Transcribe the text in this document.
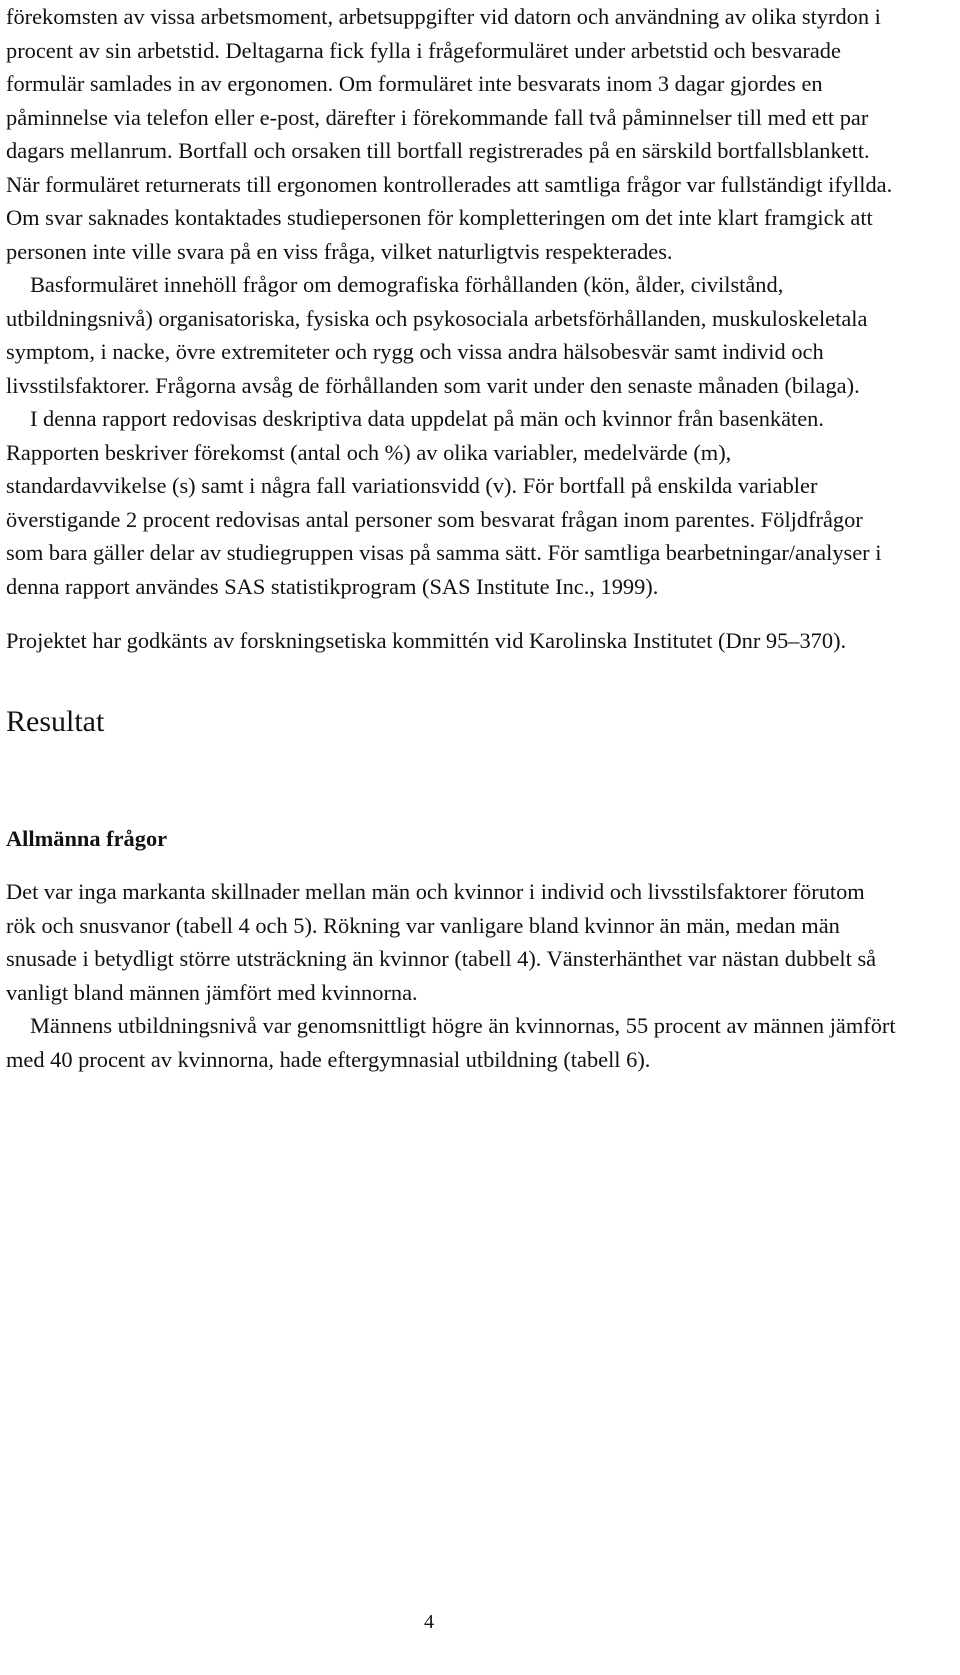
förekomsten av vissa arbetsmoment, arbetsuppgifter vid datorn och användning av olika styrdon i procent av sin arbetstid. Deltagarna fick fylla i frågeformuläret under arbetstid och besvarade formulär samlades in av ergonomen. Om formuläret inte besvarats inom 3 dagar gjordes en påminnelse via telefon eller e-post, därefter i förekommande fall två påminnelser till med ett par dagars mellanrum. Bortfall och orsaken till bortfall registrerades på en särskild bortfallsblankett. När formuläret returnerats till ergonomen kontrollerades att samtliga frågor var fullständigt ifyllda. Om svar saknades kontaktades studiepersonen för kompletteringen om det inte klart framgick att personen inte ville svara på en viss fråga, vilket naturligtvis respekterades.

Basformuläret innehöll frågor om demografiska förhållanden (kön, ålder, civilstånd, utbildningsnivå) organisatoriska, fysiska och psykosociala arbetsförhållanden, muskuloskeletala symptom, i nacke, övre extremiteter och rygg och vissa andra hälsobesvär samt individ och livsstilsfaktorer. Frågorna avsåg de förhållanden som varit under den senaste månaden (bilaga).

I denna rapport redovisas deskriptiva data uppdelat på män och kvinnor från basenkäten. Rapporten beskriver förekomst (antal och %) av olika variabler, medelvärde (m), standardavvikelse (s) samt i några fall variationsvidd (v). För bortfall på enskilda variabler överstigande 2 procent redovisas antal personer som besvarat frågan inom parentes. Följdfrågor som bara gäller delar av studiegruppen visas på samma sätt. För samtliga bearbetningar/analyser i denna rapport användes SAS statistikprogram (SAS Institute Inc., 1999).

Projektet har godkänts av forskningsetiska kommittén vid Karolinska Institutet (Dnr 95–370).

Resultat
Allmänna frågor

Det var inga markanta skillnader mellan män och kvinnor i individ och livsstilsfaktorer förutom rök och snusvanor (tabell 4 och 5). Rökning var vanligare bland kvinnor än män, medan män snusade i betydligt större utsträckning än kvinnor (tabell 4). Vänsterhänthet var nästan dubbelt så vanligt bland männen jämfört med kvinnorna.

Männens utbildningsnivå var genomsnittligt högre än kvinnornas, 55 procent av männen jämfört med 40 procent av kvinnorna, hade eftergymnasial utbildning (tabell 6).

4
